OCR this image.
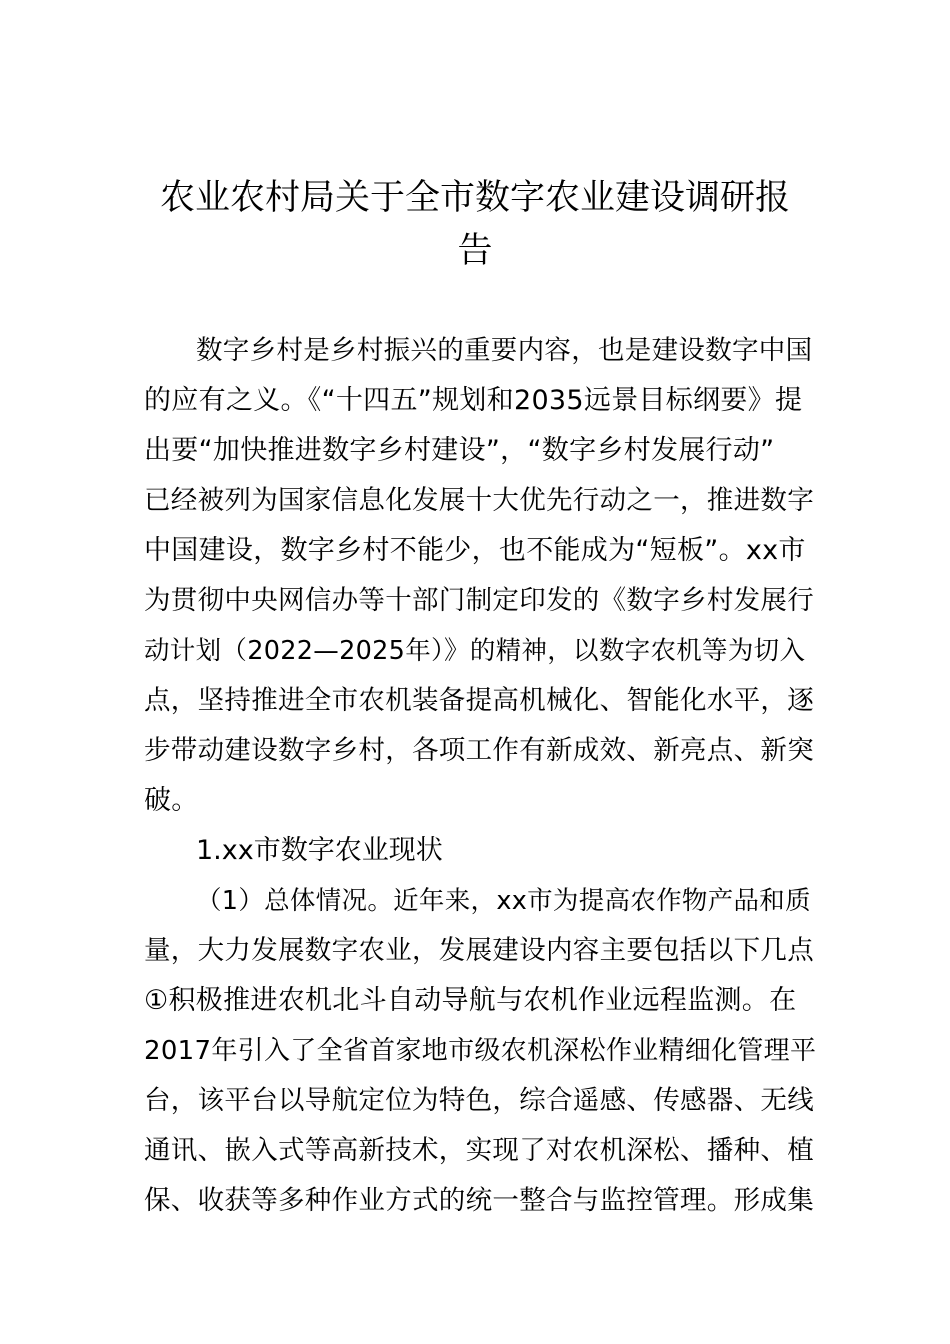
农业农村局关于全市数字农业建设调研报
告
数字乡村是乡村振兴的重要内容，也是建设数字中国
的应有之义。《“十四五”规划和2035远景目标纲要》提
出要“加快推进数字乡村建设”，“数字乡村发展行动”
已经被列为国家信息化发展十大优先行动之一，推进数字
中国建设，数字乡村不能少，也不能成为“短板”。xx市
为贯彻中央网信办等十部门制定印发的《数字乡村发展行
动计划（2022—2025年）》的精神，以数字农机等为切入
点，坚持推进全市农机装备提高机械化、智能化水平，逐
步带动建设数字乡村，各项工作有新成效、新亮点、新突
破。
1.xx市数字农业现状
（1）总体情况。近年来，xx市为提高农作物产品和质
量，大力发展数字农业，发展建设内容主要包括以下几点
①积极推进农机北斗自动导航与农机作业远程监测。在
2017年引入了全省首家地市级农机深松作业精细化管理平
台，该平台以导航定位为特色，综合遥感、传感器、无线
通讯、嵌入式等高新技术，实现了对农机深松、播种、植
保、收获等多种作业方式的统一整合与监控管理。形成集
